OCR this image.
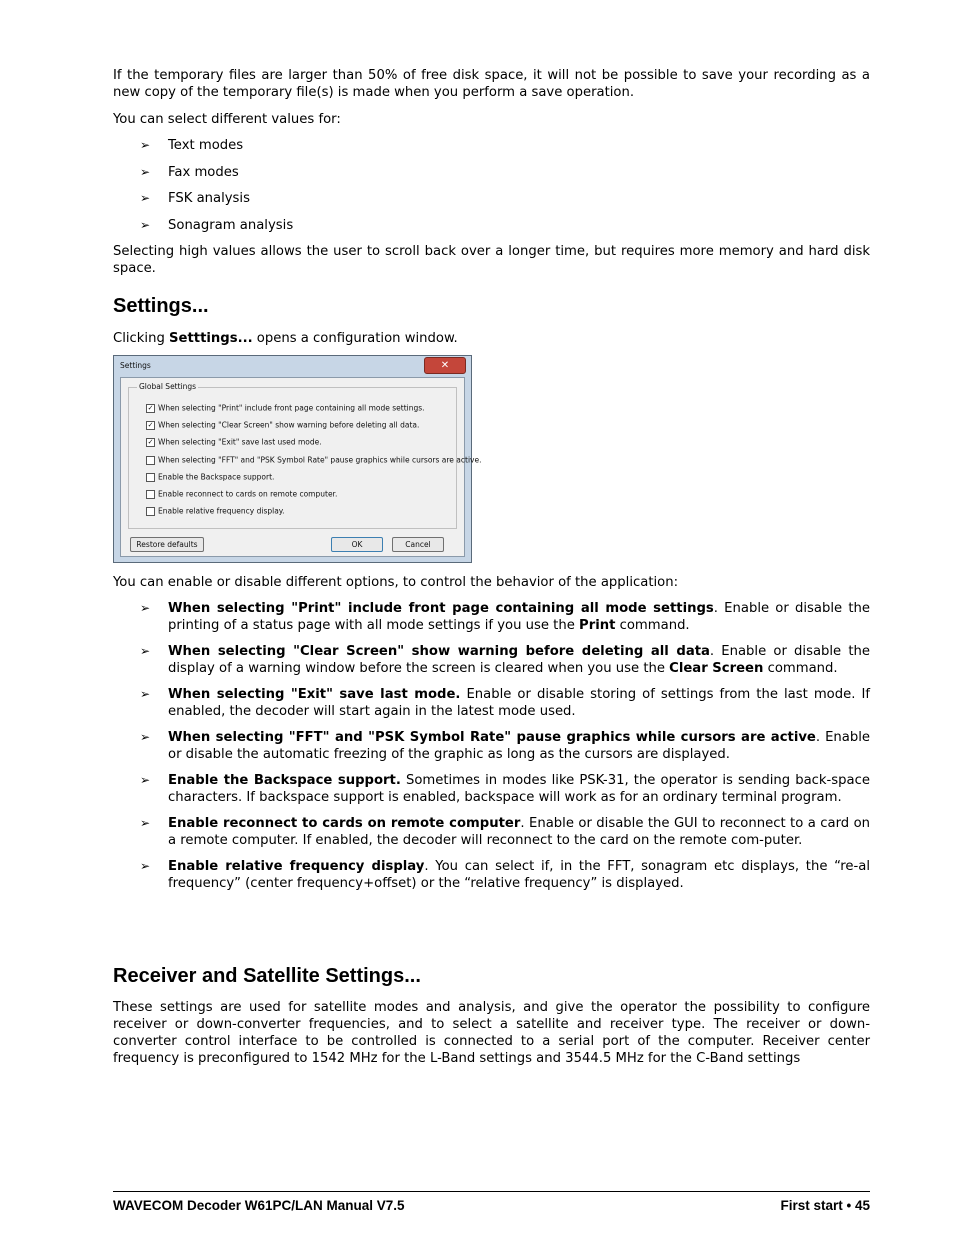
If the temporary files are larger than 50% of free disk space, it will not be possible to save your recording as a new copy of the temporary file(s) is made when you perform a save operation.

You can select different values for:

➢ Text modes
➢ Fax modes
➢ FSK analysis
➢ Sonagram analysis

Selecting high values allows the user to scroll back over a longer time, but requires more memory and hard disk space.

Settings...

Clicking Setttings... opens a configuration window.

Settings	✕
Global Settings
✓ When selecting "Print" include front page containing all mode settings.
✓ When selecting "Clear Screen" show warning before deleting all data.
✓ When selecting "Exit" save last used mode.
When selecting "FFT" and "PSK Symbol Rate" pause graphics while cursors are active.
Enable the Backspace support.
Enable reconnect to cards on remote computer.
Enable relative frequency display.
Restore defaults	OK	Cancel

You can enable or disable different options, to control the behavior of the application:

➢ When selecting "Print" include front page containing all mode settings. Enable or disable the printing of a status page with all mode settings if you use the Print command.
➢ When selecting "Clear Screen" show warning before deleting all data. Enable or disable the display of a warning window before the screen is cleared when you use the Clear Screen command.
➢ When selecting "Exit" save last mode. Enable or disable storing of settings from the last mode. If enabled, the decoder will start again in the latest mode used.
➢ When selecting "FFT" and "PSK Symbol Rate" pause graphics while cursors are active. Enable or disable the automatic freezing of the graphic as long as the cursors are displayed.
➢ Enable the Backspace support. Sometimes in modes like PSK-31, the operator is sending back-space characters. If backspace support is enabled, backspace will work as for an ordinary terminal program.
➢ Enable reconnect to cards on remote computer. Enable or disable the GUI to reconnect to a card on a remote computer. If enabled, the decoder will reconnect to the card on the remote com-puter.
➢ Enable relative frequency display. You can select if, in the FFT, sonagram etc displays, the “re-al frequency” (center frequency+offset) or the “relative frequency” is displayed.
Receiver and Satellite Settings...

These settings are used for satellite modes and analysis, and give the operator the possibility to configure receiver or down-converter frequencies, and to select a satellite and receiver type. The receiver or down-converter control interface to be controlled is connected to a serial port of the computer. Receiver center frequency is preconfigured to 1542 MHz for the L-Band settings and 3544.5 MHz for the C-Band settings

WAVECOM Decoder W61PC/LAN Manual V7.5	First start • 45
